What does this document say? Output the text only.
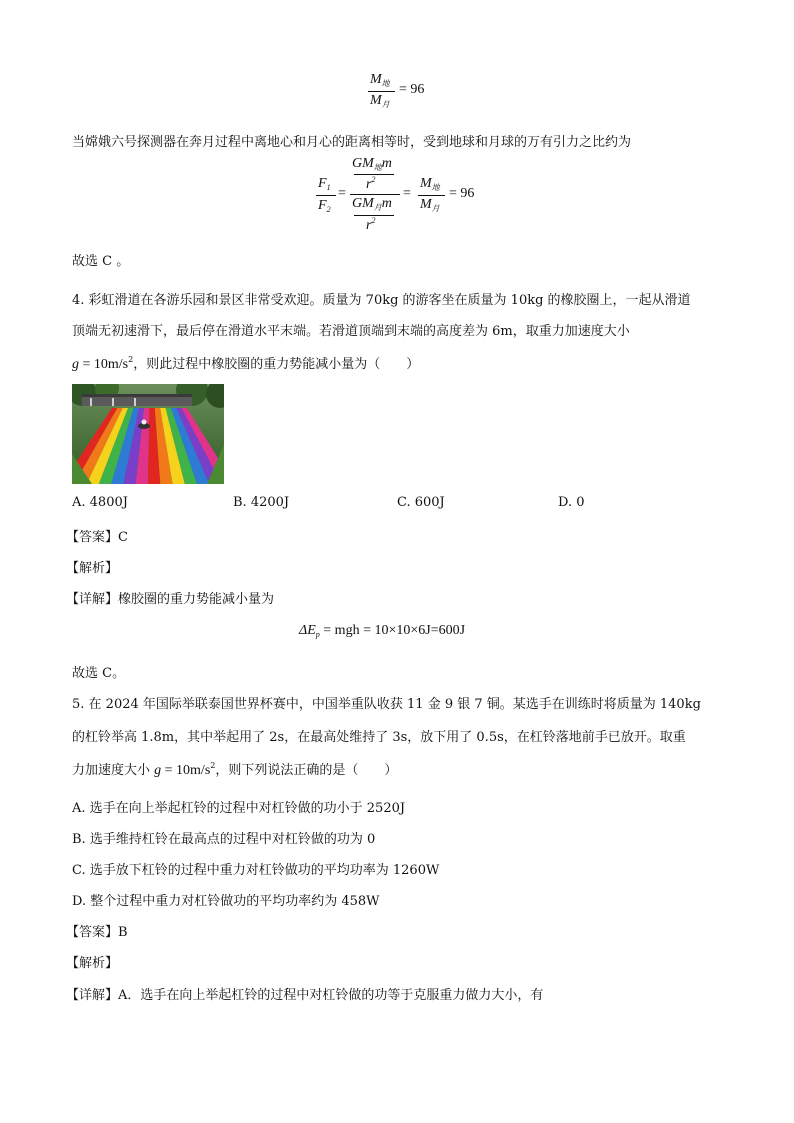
$M_地$
$M_月$
= 96
当嫦娥六号探测器在奔月过程中离地心和月心的距离相等时，受到地球和月球的万有引力之比约为
$F_1$
$F_2$
=
$GM_地m$
$r^2$
$GM_月m$
$r^2$
=
$M_地$
$M_月$
= 96
故选 C 。
4. 彩虹滑道在各游乐园和景区非常受欢迎。质量为 70kg 的游客坐在质量为 10kg 的橡胶圈上，一起从滑道
顶端无初速滑下，最后停在滑道水平末端。若滑道顶端到末端的高度差为 6m，取重力加速度大小
$g = 10m/s^2$，则此过程中橡胶圈的重力势能减小量为（　　）
A. 4800J	B. 4200J	C. 600J	D. 0
【答案】C
【解析】
【详解】橡胶圈的重力势能减小量为
$\Delta E_p$ = mgh = 10×10×6J=600J
故选 C。
5. 在 2024 年国际举联泰国世界杯赛中，中国举重队收获 11 金 9 银 7 铜。某选手在训练时将质量为 140kg
的杠铃举高 1.8m，其中举起用了 2s，在最高处维持了 3s，放下用了 0.5s，在杠铃落地前手已放开。取重
力加速度大小 $g = 10m/s^2$，则下列说法正确的是（　　）
A. 选手在向上举起杠铃的过程中对杠铃做的功小于 2520J
B. 选手维持杠铃在最高点的过程中对杠铃做的功为 0
C. 选手放下杠铃的过程中重力对杠铃做功的平均功率为 1260W
D. 整个过程中重力对杠铃做功的平均功率约为 458W
【答案】B
【解析】
【详解】A．选手在向上举起杠铃的过程中对杠铃做的功等于克服重力做力大小，有
